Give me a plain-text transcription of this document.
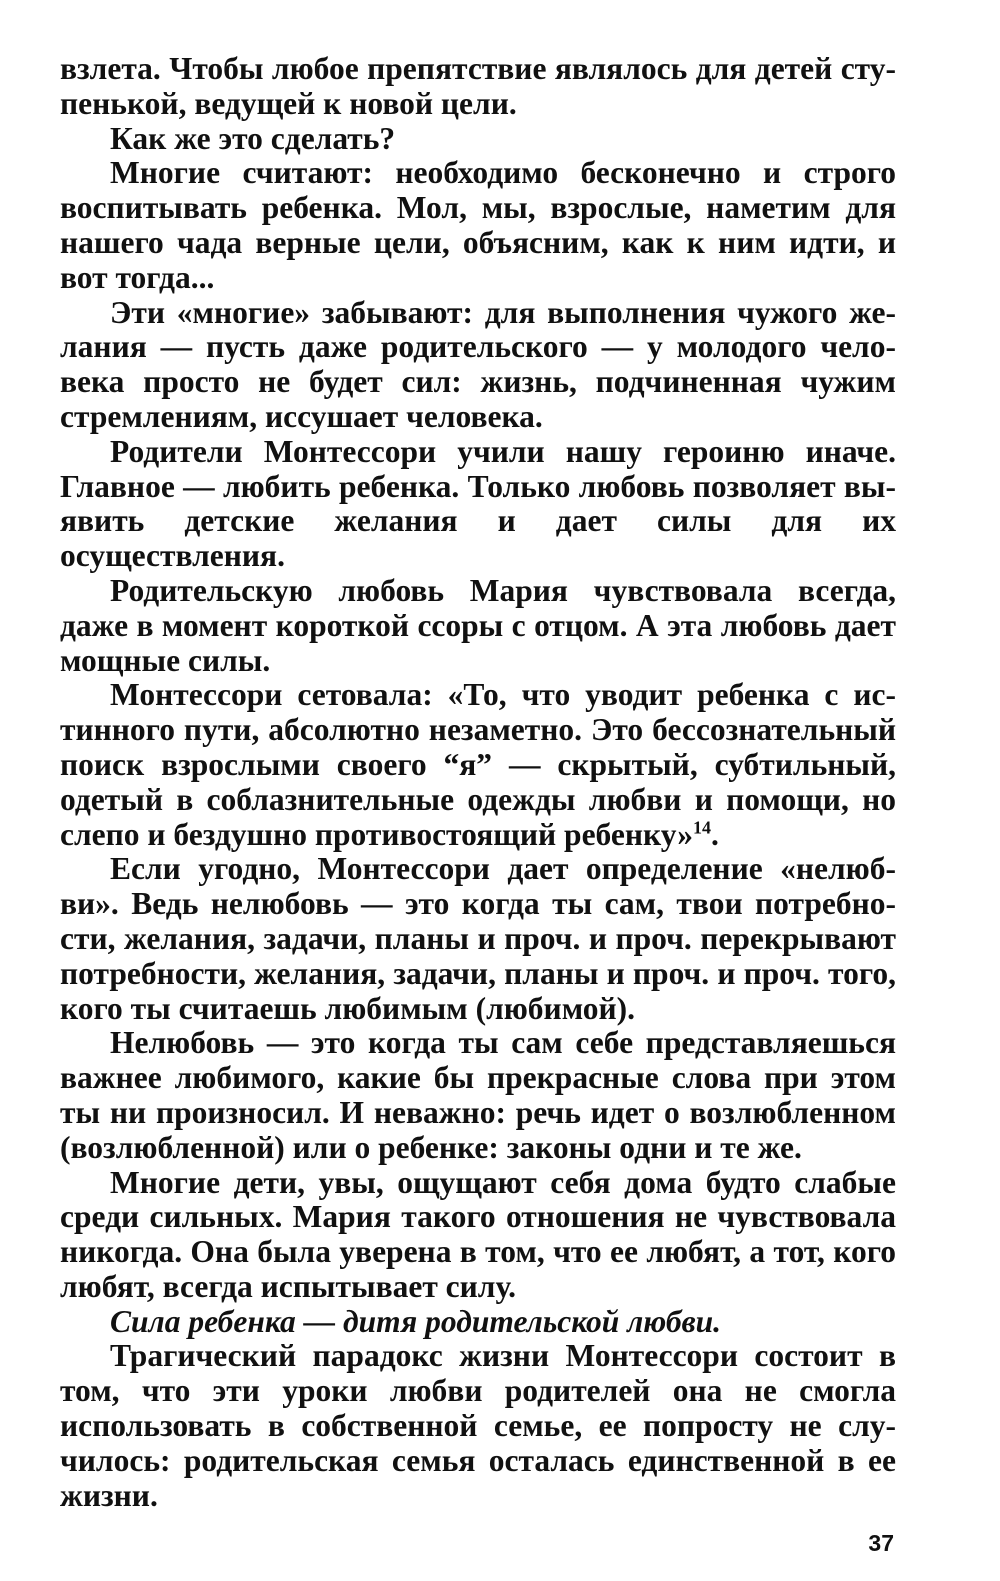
взлета. Чтобы любое препятствие являлось для детей ступенькой, ведущей к новой цели.

Как же это сделать?

Многие считают: необходимо бесконечно и строго воспитывать ребенка. Мол, мы, взрослые, наметим для нашего чада верные цели, объясним, как к ним идти, и вот тогда...

Эти «многие» забывают: для выполнения чужого желания — пусть даже родительского — у молодого человека просто не будет сил: жизнь, подчиненная чужим стремлениям, иссушает человека.

Родители Монтессори учили нашу героиню иначе. Главное — любить ребенка. Только любовь позволяет выявить детские желания и дает силы для их осуществления.

Родительскую любовь Мария чувствовала всегда, даже в момент короткой ссоры с отцом. А эта любовь дает мощные силы.

Монтессори сетовала: «То, что уводит ребенка с истинного пути, абсолютно незаметно. Это бессознательный поиск взрослыми своего “я” — скрытый, субтильный, одетый в соблазнительные одежды любви и помощи, но слепо и бездушно противостоящий ребенку»$^{14}$.

Если угодно, Монтессори дает определение «нелюбви». Ведь нелюбовь — это когда ты сам, твои потребности, желания, задачи, планы и проч. и проч. перекрывают потребности, желания, задачи, планы и проч. и проч. того, кого ты считаешь любимым (любимой).

Нелюбовь — это когда ты сам себе представляешься важнее любимого, какие бы прекрасные слова при этом ты ни произносил. И неважно: речь идет о возлюбленном (возлюбленной) или о ребенке: законы одни и те же.

Многие дети, увы, ощущают себя дома будто слабые среди сильных. Мария такого отношения не чувствовала никогда. Она была уверена в том, что ее любят, а тот, кого любят, всегда испытывает силу.

Сила ребенка — дитя родительской любви.

Трагический парадокс жизни Монтессори состоит в том, что эти уроки любви родителей она не смогла использовать в собственной семье, ее попросту не случилось: родительская семья осталась единственной в ее жизни.

37
